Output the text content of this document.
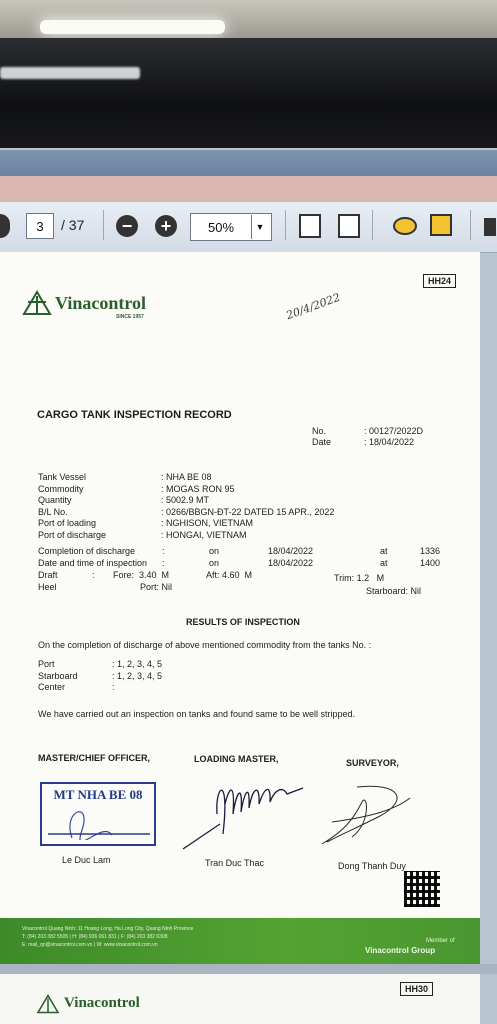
3 / 37 − +	50%	▼
HH24
Vinacontrol
SINCE 1957	20/4/2022
CARGO TANK INSPECTION RECORD
No.	: 00127/2022D
Date	: 18/04/2022
Tank Vessel	: NHA BE 08
Commodity	: MOGAS RON 95
Quantity	: 5002.9 MT
B/L No.	: 0266/BBGN-ĐT-22 DATED 15 APR., 2022
Port of loading	: NGHISON, VIETNAM
Port of discharge	: HONGAI, VIETNAM
Completion of discharge	:	on	18/04/2022	at	1336
Date and time of inspection :	on	18/04/2022	at	1400
Draft	: Fore:  3.40  M	Aft: 4.60  M	Trim: 1.2   M
Heel	Port: Nil	Starboard: Nil
RESULTS OF INSPECTION
On the completion of discharge of above mentioned commodity from the tanks No. :
Port	: 1, 2, 3, 4, 5
Starboard	: 1, 2, 3, 4, 5
Center	:
We have carried out an inspection on tanks and found same to be well stripped.
MASTER/CHIEF OFFICER,	LOADING MASTER,	SURVEYOR,
MT NHA BE 08
Le Duc Lam	Tran Duc Thac	Dong Thanh Duy
Vinacontrol Quang Ninh: 11 Hoang Long, Ha Long City, Quang Ninh Province
T: (84) 203 382 5505 | H: (84) 936 061 831 | F: (84) 203 382 6308
E: mail_qn@vinacontrol.com.vn | W: www.vinacontrol.com.vn
Member of
Vinacontrol Group
HH30
Vinacontrol
